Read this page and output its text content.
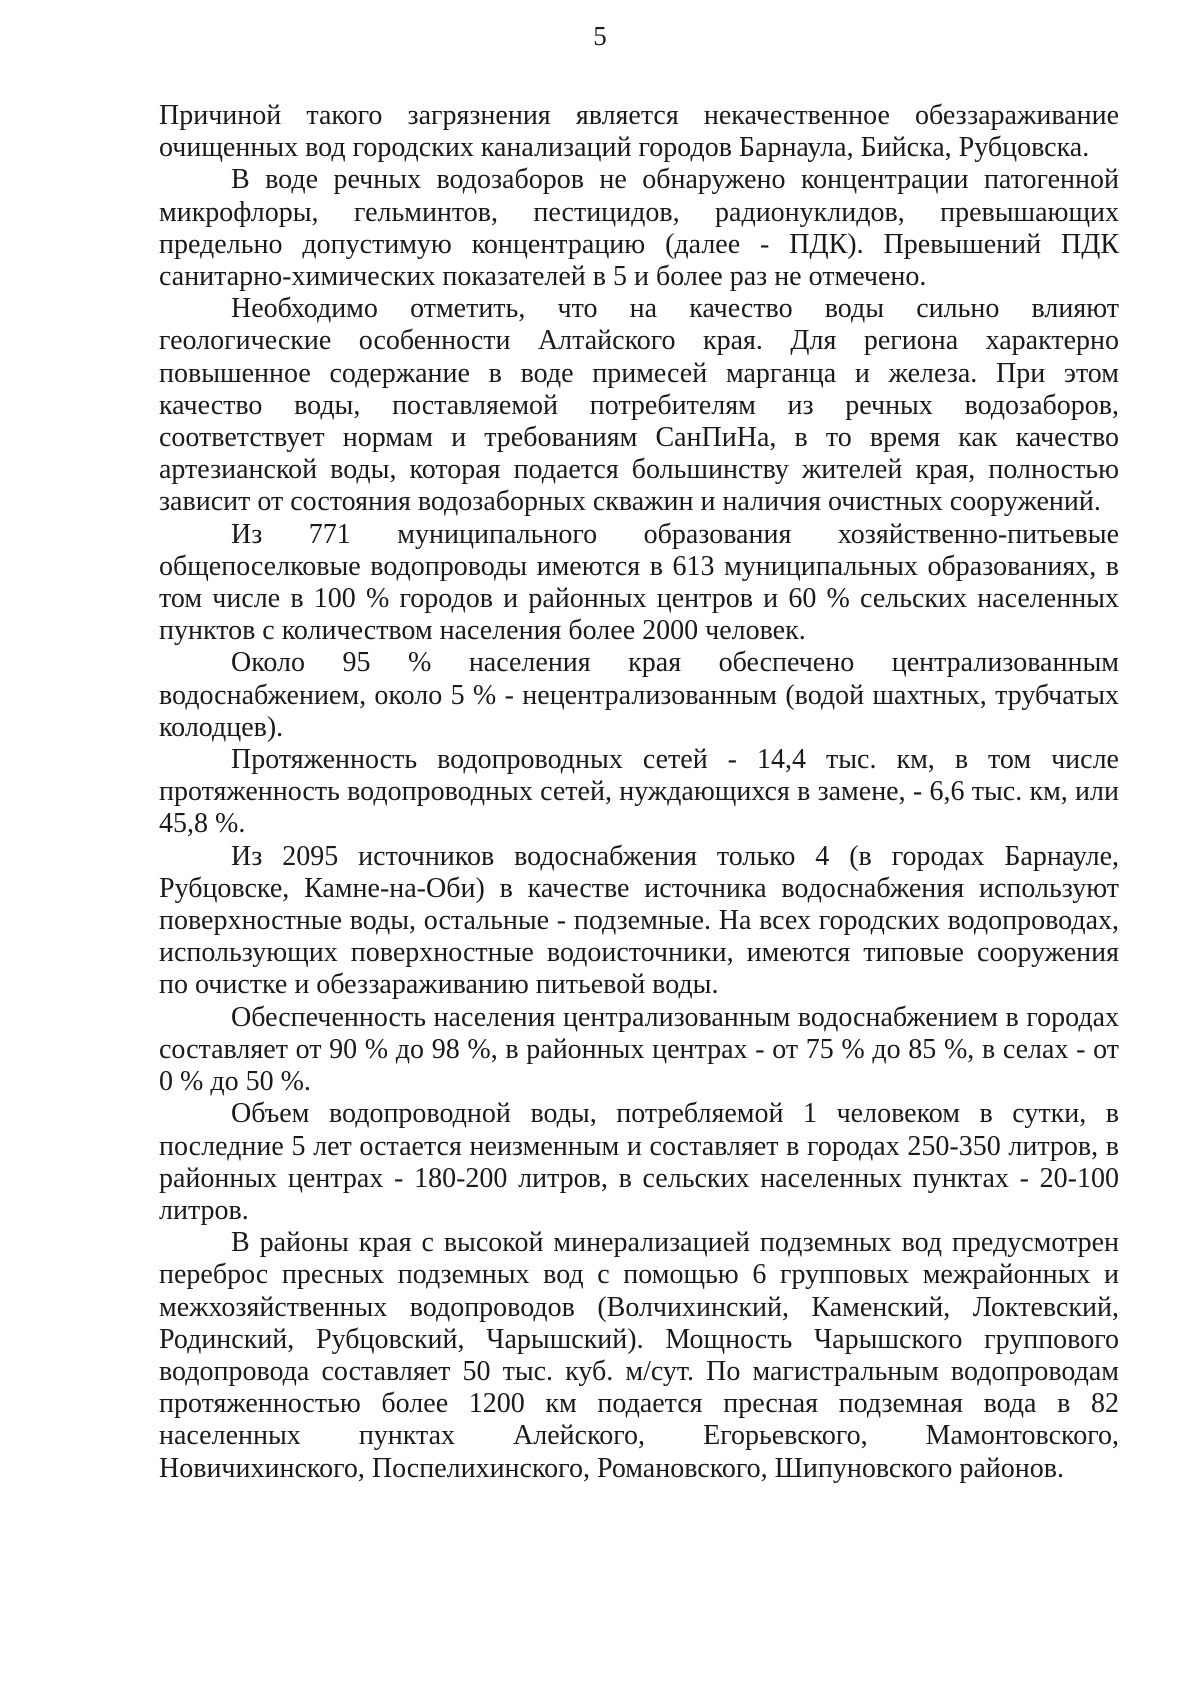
5

Причиной такого загрязнения является некачественное обеззараживание очищенных вод городских канализаций городов Барнаула, Бийска, Рубцовска.

В воде речных водозаборов не обнаружено концентрации патогенной микрофлоры, гельминтов, пестицидов, радионуклидов, превышающих предельно допустимую концентрацию (далее - ПДК). Превышений ПДК санитарно-химических показателей в 5 и более раз не отмечено.

Необходимо отметить, что на качество воды сильно влияют геологические особенности Алтайского края. Для региона характерно повышенное содержание в воде примесей марганца и железа. При этом качество воды, поставляемой потребителям из речных водозаборов, соответствует нормам и требованиям СанПиНа, в то время как качество артезианской воды, которая подается большинству жителей края, полностью зависит от состояния водозаборных скважин и наличия очистных сооружений.

Из 771 муниципального образования хозяйственно-питьевые общепоселковые водопроводы имеются в 613 муниципальных образованиях, в том числе в 100 % городов и районных центров и 60 % сельских населенных пунктов с количеством населения более 2000 человек.

Около 95 % населения края обеспечено централизованным водоснабжением, около 5 % - нецентрализованным (водой шахтных, трубчатых колодцев).

Протяженность водопроводных сетей - 14,4 тыс. км, в том числе протяженность водопроводных сетей, нуждающихся в замене, - 6,6 тыс. км, или 45,8 %.

Из 2095 источников водоснабжения только 4 (в городах Барнауле, Рубцовске, Камне-на-Оби) в качестве источника водоснабжения используют поверхностные воды, остальные - подземные. На всех городских водопроводах, использующих поверхностные водоисточники, имеются типовые сооружения по очистке и обеззараживанию питьевой воды.

Обеспеченность населения централизованным водоснабжением в городах составляет от 90 % до 98 %, в районных центрах - от 75 % до 85 %, в селах - от 0 % до 50 %.

Объем водопроводной воды, потребляемой 1 человеком в сутки, в последние 5 лет остается неизменным и составляет в городах 250-350 литров, в районных центрах - 180-200 литров, в сельских населенных пунктах - 20-100 литров.

В районы края с высокой минерализацией подземных вод предусмотрен переброс пресных подземных вод с помощью 6 групповых межрайонных и межхозяйственных водопроводов (Волчихинский, Каменский, Локтевский, Родинский, Рубцовский, Чарышский). Мощность Чарышского группового водопровода составляет 50 тыс. куб. м/сут. По магистральным водопроводам протяженностью более 1200 км подается пресная подземная вода в 82 населенных пунктах Алейского, Егорьевского, Мамонтовского, Новичихинского, Поспелихинского, Романовского, Шипуновского районов.
